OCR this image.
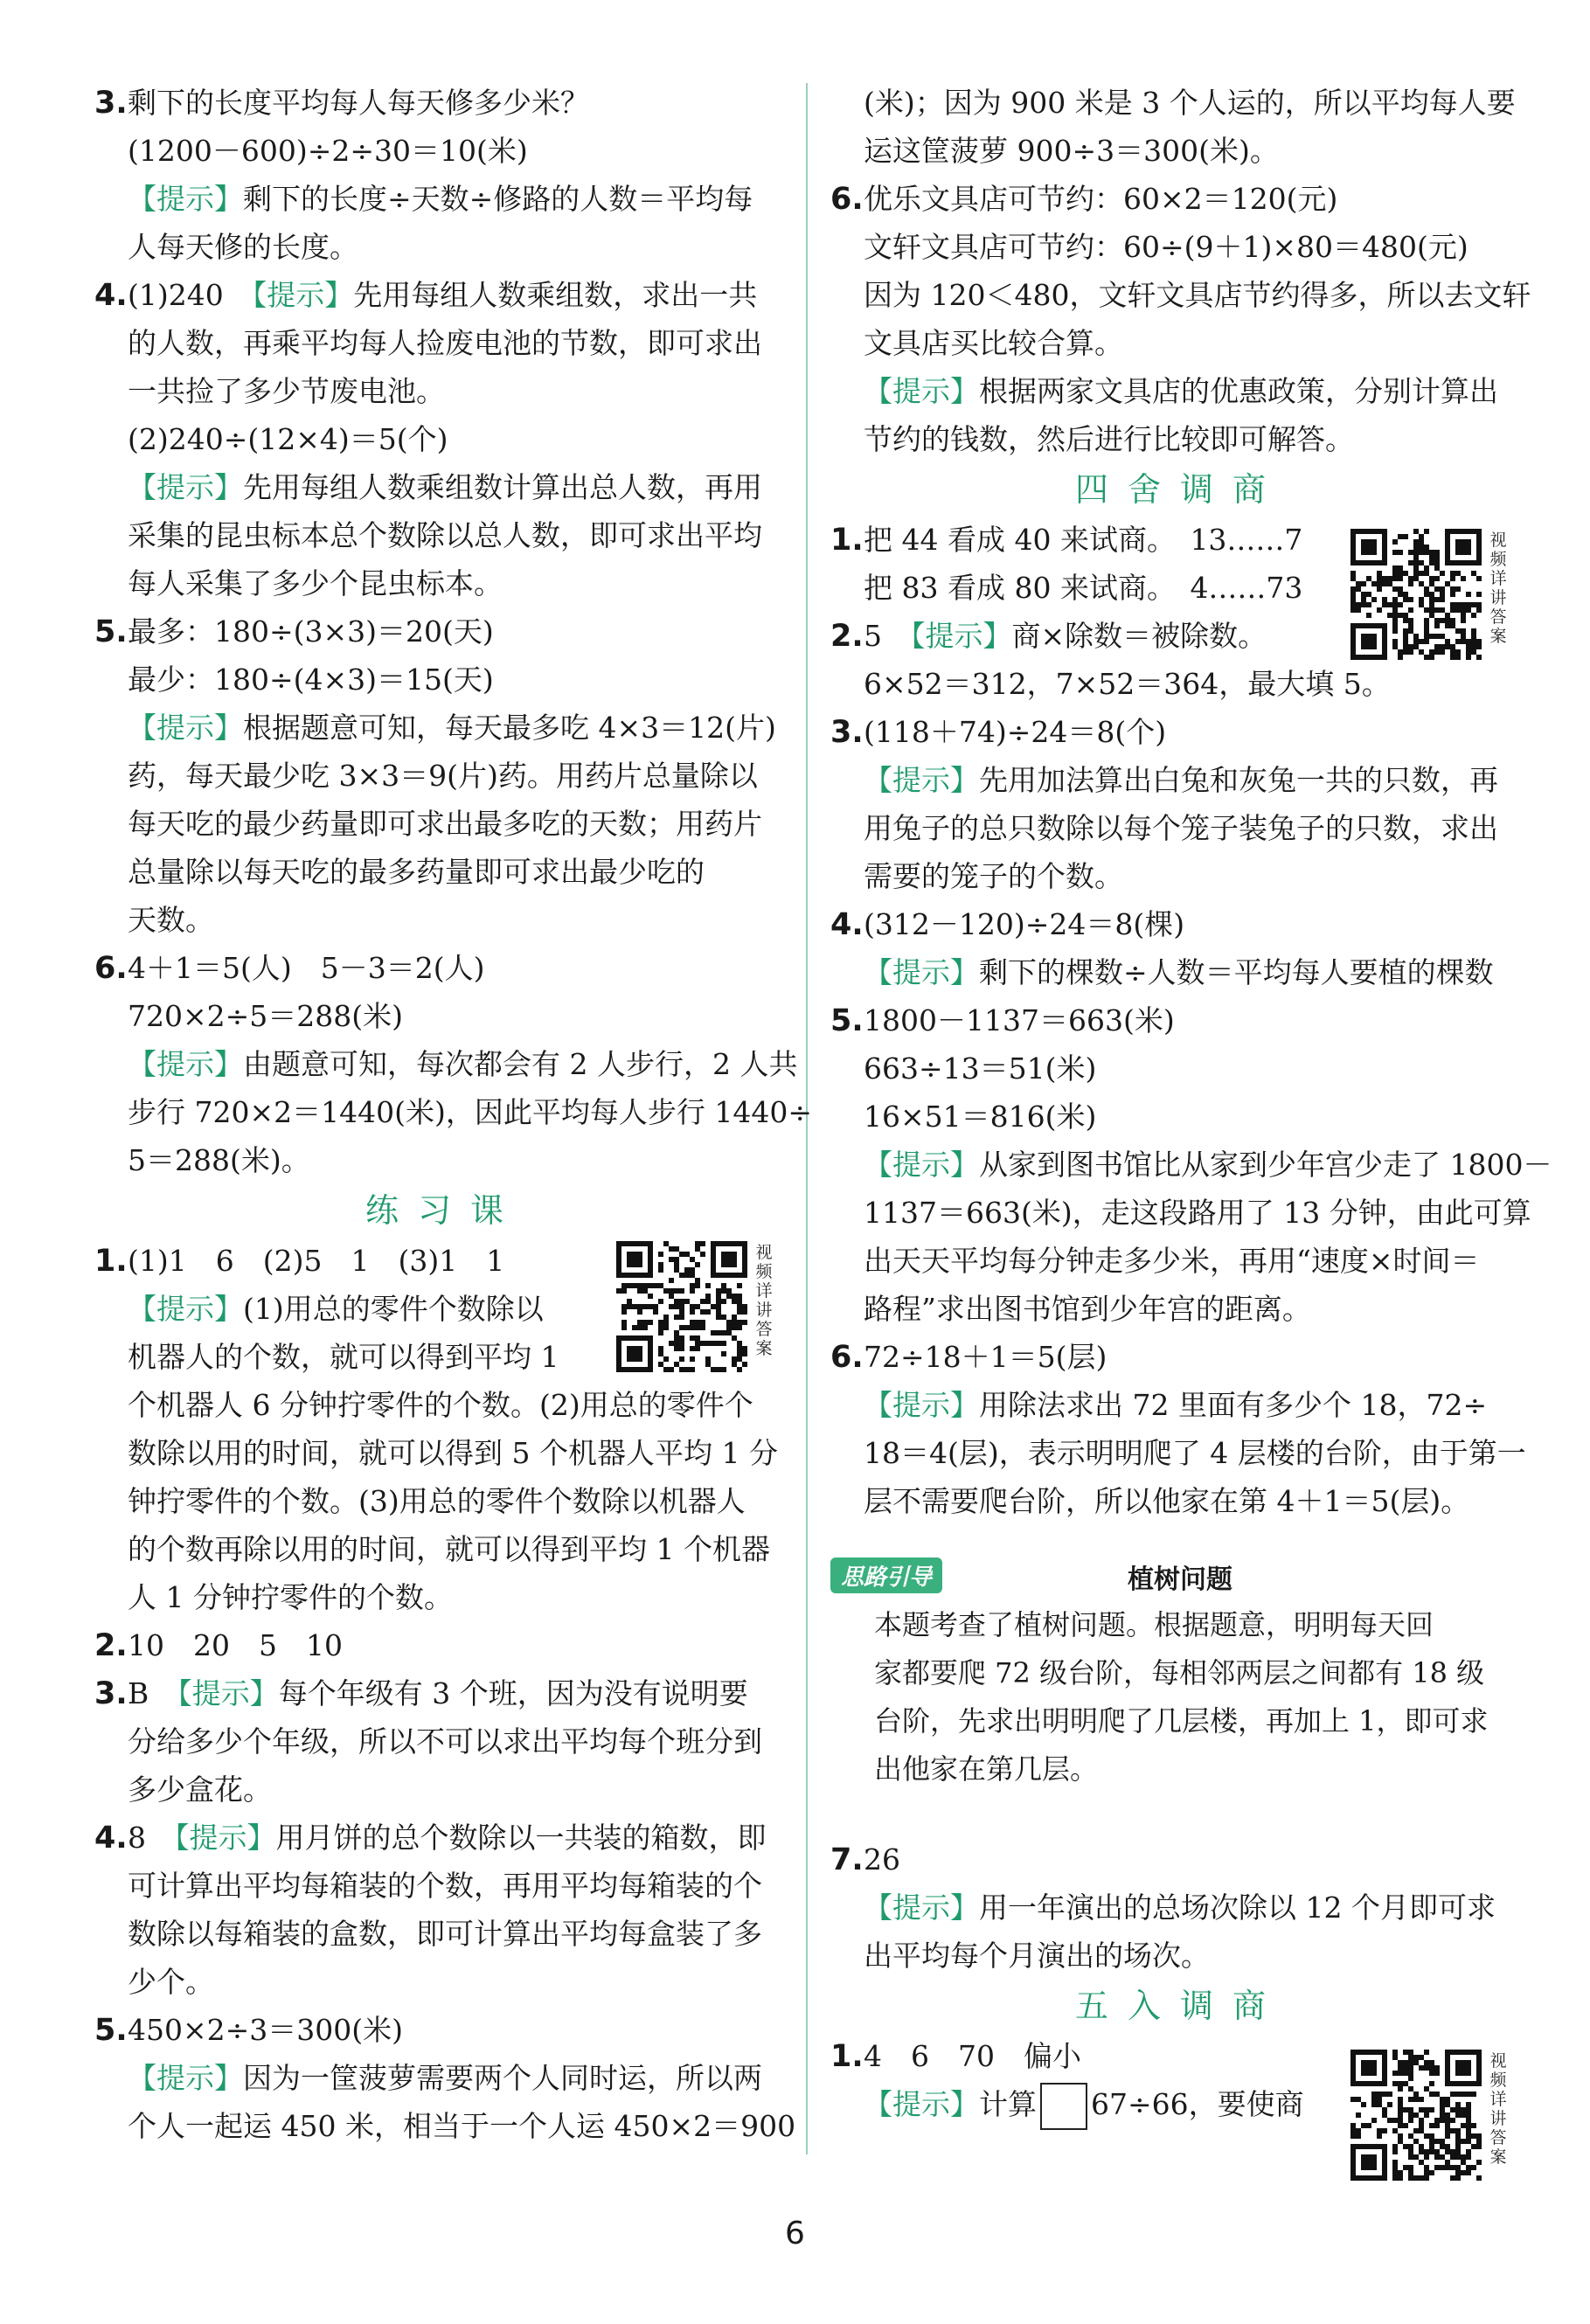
3.剩下的长度平均每人每天修多少米？
(1200－600)÷2÷30＝10(米)
【提示】剩下的长度÷天数÷修路的人数＝平均每
人每天修的长度。
4.(1)240　【提示】先用每组人数乘组数，求出一共
的人数，再乘平均每人捡废电池的节数，即可求出
一共捡了多少节废电池。
(2)240÷(12×4)＝5(个)
【提示】先用每组人数乘组数计算出总人数，再用
采集的昆虫标本总个数除以总人数，即可求出平均
每人采集了多少个昆虫标本。
5.最多：180÷(3×3)＝20(天)
最少：180÷(4×3)＝15(天)
【提示】根据题意可知，每天最多吃 4×3＝12(片)
药，每天最少吃 3×3＝9(片)药。用药片总量除以
每天吃的最少药量即可求出最多吃的天数；用药片
总量除以每天吃的最多药量即可求出最少吃的
天数。
6.4＋1＝5(人)　5－3＝2(人)
720×2÷5＝288(米)
【提示】由题意可知，每次都会有 2 人步行，2 人共
步行 720×2＝1440(米)，因此平均每人步行 1440÷
5＝288(米)。
练习课
1.(1)1　6　(2)5　1　(3)1　1
【提示】(1)用总的零件个数除以
机器人的个数，就可以得到平均 1
个机器人 6 分钟拧零件的个数。(2)用总的零件个
数除以用的时间，就可以得到 5 个机器人平均 1 分
钟拧零件的个数。(3)用总的零件个数除以机器人
的个数再除以用的时间，就可以得到平均 1 个机器
人 1 分钟拧零件的个数。
2.10　20　5　10
3.B　【提示】每个年级有 3 个班，因为没有说明要
分给多少个年级，所以不可以求出平均每个班分到
多少盒花。
4.8　【提示】用月饼的总个数除以一共装的箱数，即
可计算出平均每箱装的个数，再用平均每箱装的个
数除以每箱装的盒数，即可计算出平均每盒装了多
少个。
5.450×2÷3＝300(米)
【提示】因为一筐菠萝需要两个人同时运，所以两
个人一起运 450 米，相当于一个人运 450×2＝900
视
频
详
讲
答
案
(米)；因为 900 米是 3 个人运的，所以平均每人要
运这筐菠萝 900÷3＝300(米)。
6.优乐文具店可节约：60×2＝120(元)
文轩文具店可节约：60÷(9＋1)×80＝480(元)
因为 120＜480，文轩文具店节约得多，所以去文轩
文具店买比较合算。
【提示】根据两家文具店的优惠政策，分别计算出
节约的钱数，然后进行比较即可解答。
四舍调商
1.把 44 看成 40 来试商。　13……7
把 83 看成 80 来试商。　4……73
2.5　【提示】商×除数＝被除数。
6×52＝312，7×52＝364，最大填 5。
3.(118＋74)÷24＝8(个)
【提示】先用加法算出白兔和灰兔一共的只数，再
用兔子的总只数除以每个笼子装兔子的只数，求出
需要的笼子的个数。
4.(312－120)÷24＝8(棵)
【提示】剩下的棵数÷人数＝平均每人要植的棵数
5.1800－1137＝663(米)
663÷13＝51(米)
16×51＝816(米)
【提示】从家到图书馆比从家到少年宫少走了 1800－
1137＝663(米)，走这段路用了 13 分钟，由此可算
出天天平均每分钟走多少米，再用“速度×时间＝
路程”求出图书馆到少年宫的距离。
6.72÷18＋1＝5(层)
【提示】用除法求出 72 里面有多少个 18，72÷
18＝4(层)，表示明明爬了 4 层楼的台阶，由于第一
层不需要爬台阶，所以他家在第 4＋1＝5(层)。
视
频
详
讲
答
案
思路引导	植树问题
本题考查了植树问题。根据题意，明明每天回
家都要爬 72 级台阶，每相邻两层之间都有 18 级
台阶，先求出明明爬了几层楼，再加上 1，即可求
出他家在第几层。
7.26
【提示】用一年演出的总场次除以 12 个月即可求
出平均每个月演出的场次。
五入调商
1.4　6　70　偏小
【提示】计算 67÷66，要使商
视
频
详
讲
答
案
6
